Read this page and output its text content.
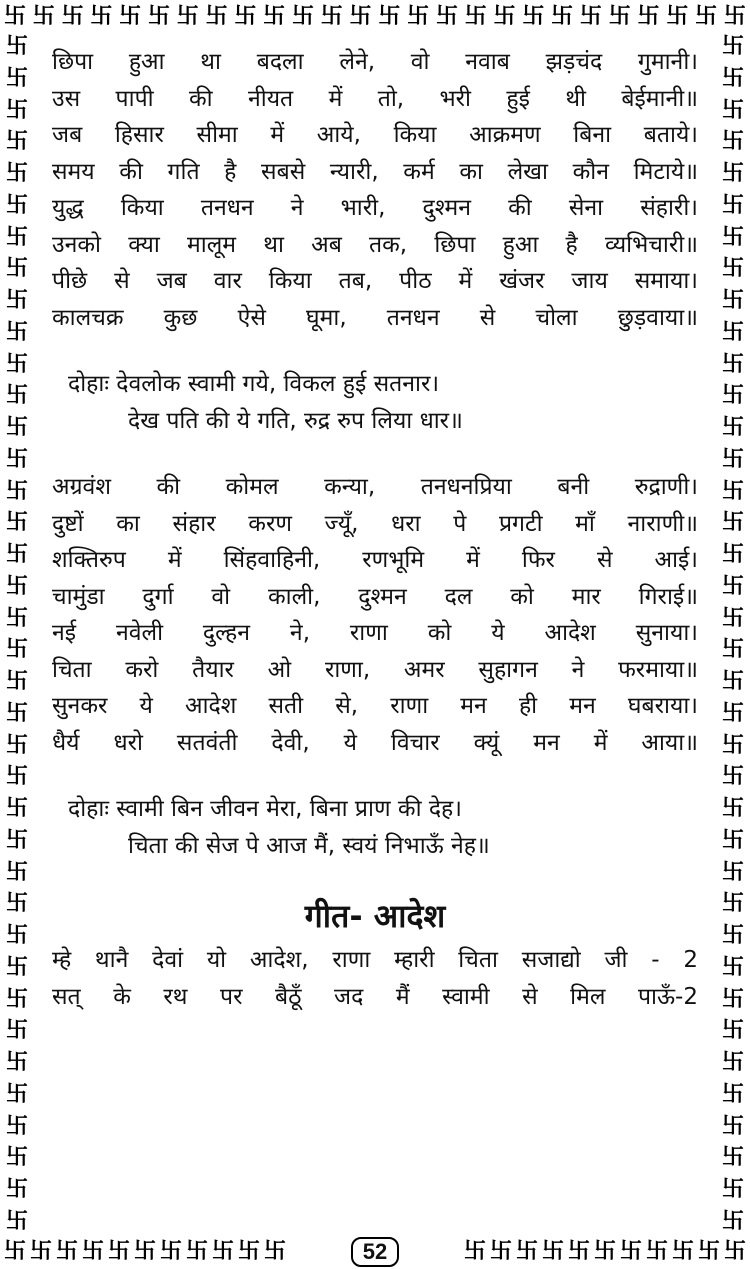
卐 卐 卐 卐 卐 卐 卐 卐 卐 卐 卐 卐 卐 卐 卐 卐 卐 卐 卐 卐 卐 卐 卐 卐 卐 卐
卐
卐
卐
卐
卐
卐
卐
卐
卐
卐
卐
卐
卐
卐
卐
卐
卐
卐
卐
卐
卐
卐
卐
卐
卐
卐
卐
卐
卐
卐
卐
卐
卐
卐
卐
卐
卐
卐
卐
卐
卐
卐
卐
卐
卐
卐
卐
卐
卐
卐
卐
卐
卐
卐
卐
卐
卐
卐
卐
卐
卐
卐
卐
卐
卐
卐
卐
卐
卐
卐
卐
卐
卐
卐
卐
卐
卐 卐 卐 卐 卐 卐 卐 卐 卐 卐 卐	52	卐 卐 卐 卐 卐 卐 卐 卐 卐 卐 卐
छिपा हुआ था बदला लेने, वो नवाब झड़चंद गुमानी।
उस पापी की नीयत में तो, भरी हुई थी बेईमानी॥
जब हिसार सीमा में आये, किया आक्रमण बिना बताये।
समय की गति है सबसे न्यारी, कर्म का लेखा कौन मिटाये॥
युद्ध किया तनधन ने भारी, दुश्मन की सेना संहारी।
उनको क्या मालूम था अब तक, छिपा हुआ है व्यभिचारी॥
पीछे से जब वार किया तब, पीठ में खंजर जाय समाया।
कालचक्र कुछ ऐसे घूमा, तनधन से चोला छुड़वाया॥
दोहाः देवलोक स्वामी गये, विकल हुई सतनार।
देख पति की ये गति, रुद्र रुप लिया धार॥
अग्रवंश की कोमल कन्या, तनधनप्रिया बनी रुद्राणी।
दुष्टों का संहार करण ज्यूँ, धरा पे प्रगटी माँ नाराणी॥
शक्तिरुप में सिंहवाहिनी, रणभूमि में फिर से आई।
चामुंडा दुर्गा वो काली, दुश्मन दल को मार गिराई॥
नई नवेली दुल्हन ने, राणा को ये आदेश सुनाया।
चिता करो तैयार ओ राणा, अमर सुहागन ने फरमाया॥
सुनकर ये आदेश सती से, राणा मन ही मन घबराया।
धैर्य धरो सतवंती देवी, ये विचार क्यूं मन में आया॥
दोहाः स्वामी बिन जीवन मेरा, बिना प्राण की देह।
चिता की सेज पे आज मैं, स्वयं निभाऊँ नेह॥
गीत- आदेश
म्हे थानै देवां यो आदेश, राणा म्हारी चिता सजाद्यो जी - 2
सत् के रथ पर बैठूँ जद मैं स्वामी से मिल पाऊँ-2
